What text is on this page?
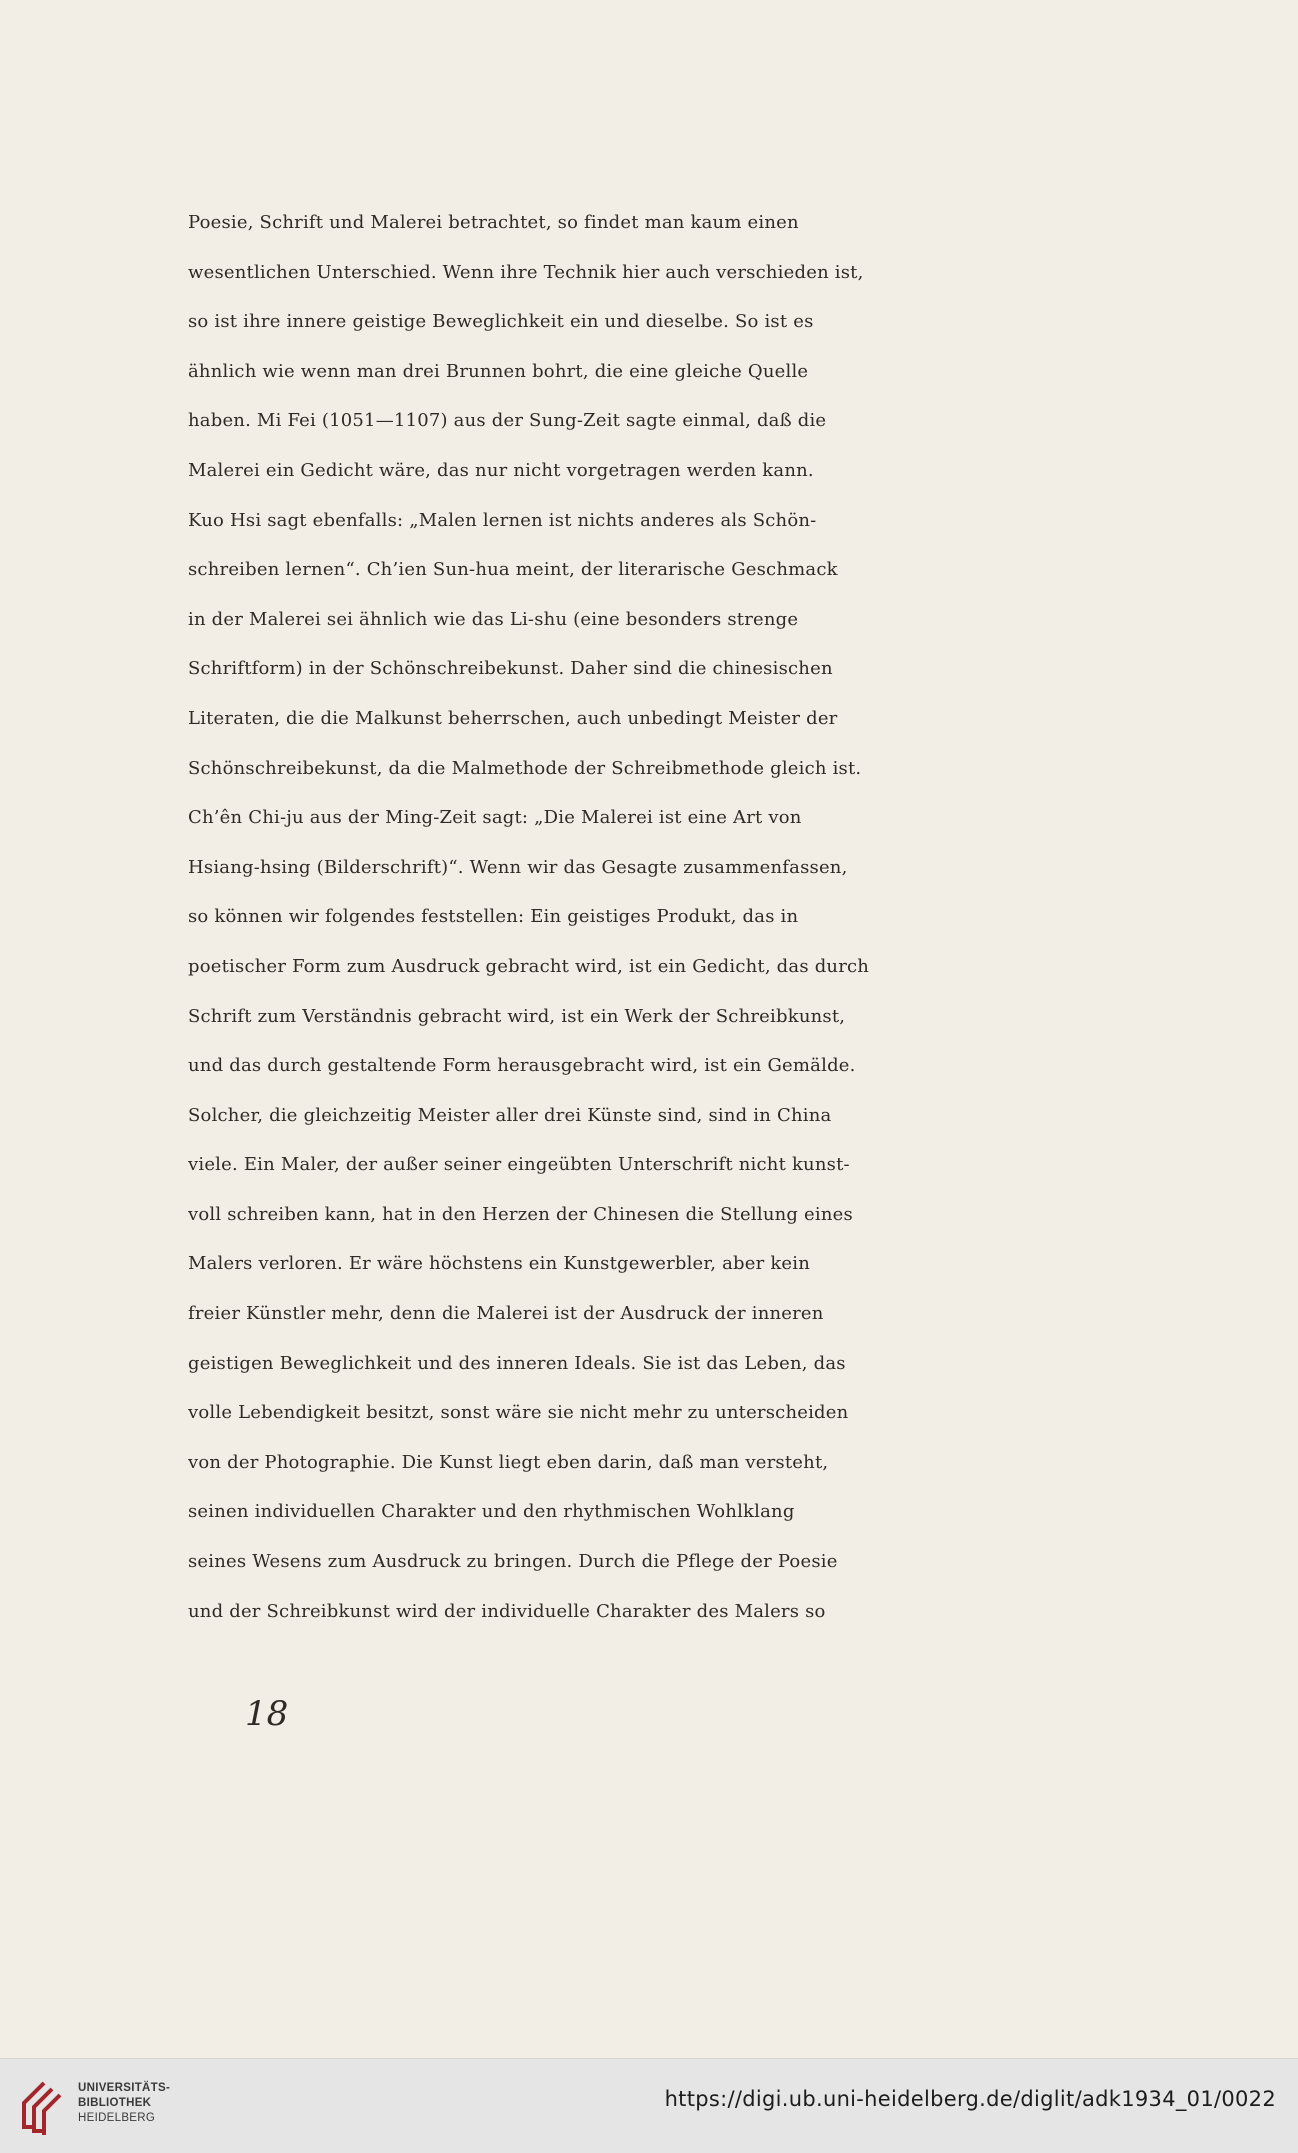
Poesie, Schrift und Malerei betrachtet, so findet man kaum einen
wesentlichen Unterschied. Wenn ihre Technik hier auch verschieden ist,
so ist ihre innere geistige Beweglichkeit ein und dieselbe. So ist es
ähnlich wie wenn man drei Brunnen bohrt, die eine gleiche Quelle
haben. Mi Fei (1051—1107) aus der Sung-Zeit sagte einmal, daß die
Malerei ein Gedicht wäre, das nur nicht vorgetragen werden kann.
Kuo Hsi sagt ebenfalls: „Malen lernen ist nichts anderes als Schön-
schreiben lernen“. Ch’ien Sun-hua meint, der literarische Geschmack
in der Malerei sei ähnlich wie das Li-shu (eine besonders strenge
Schriftform) in der Schönschreibekunst. Daher sind die chinesischen
Literaten, die die Malkunst beherrschen, auch unbedingt Meister der
Schönschreibekunst, da die Malmethode der Schreibmethode gleich ist.
Ch’ên Chi-ju aus der Ming-Zeit sagt: „Die Malerei ist eine Art von
Hsiang-hsing (Bilderschrift)“. Wenn wir das Gesagte zusammenfassen,
so können wir folgendes feststellen: Ein geistiges Produkt, das in
poetischer Form zum Ausdruck gebracht wird, ist ein Gedicht, das durch
Schrift zum Verständnis gebracht wird, ist ein Werk der Schreibkunst,
und das durch gestaltende Form herausgebracht wird, ist ein Gemälde.
Solcher, die gleichzeitig Meister aller drei Künste sind, sind in China
viele. Ein Maler, der außer seiner eingeübten Unterschrift nicht kunst-
voll schreiben kann, hat in den Herzen der Chinesen die Stellung eines
Malers verloren. Er wäre höchstens ein Kunstgewerbler, aber kein
freier Künstler mehr, denn die Malerei ist der Ausdruck der inneren
geistigen Beweglichkeit und des inneren Ideals. Sie ist das Leben, das
volle Lebendigkeit besitzt, sonst wäre sie nicht mehr zu unterscheiden
von der Photographie. Die Kunst liegt eben darin, daß man versteht,
seinen individuellen Charakter und den rhythmischen Wohlklang
seines Wesens zum Ausdruck zu bringen. Durch die Pflege der Poesie
und der Schreibkunst wird der individuelle Charakter des Malers so
18
UNIVERSITÄTS-
BIBLIOTHEK
HEIDELBERG
https://digi.ub.uni-heidelberg.de/diglit/adk1934_01/0022
